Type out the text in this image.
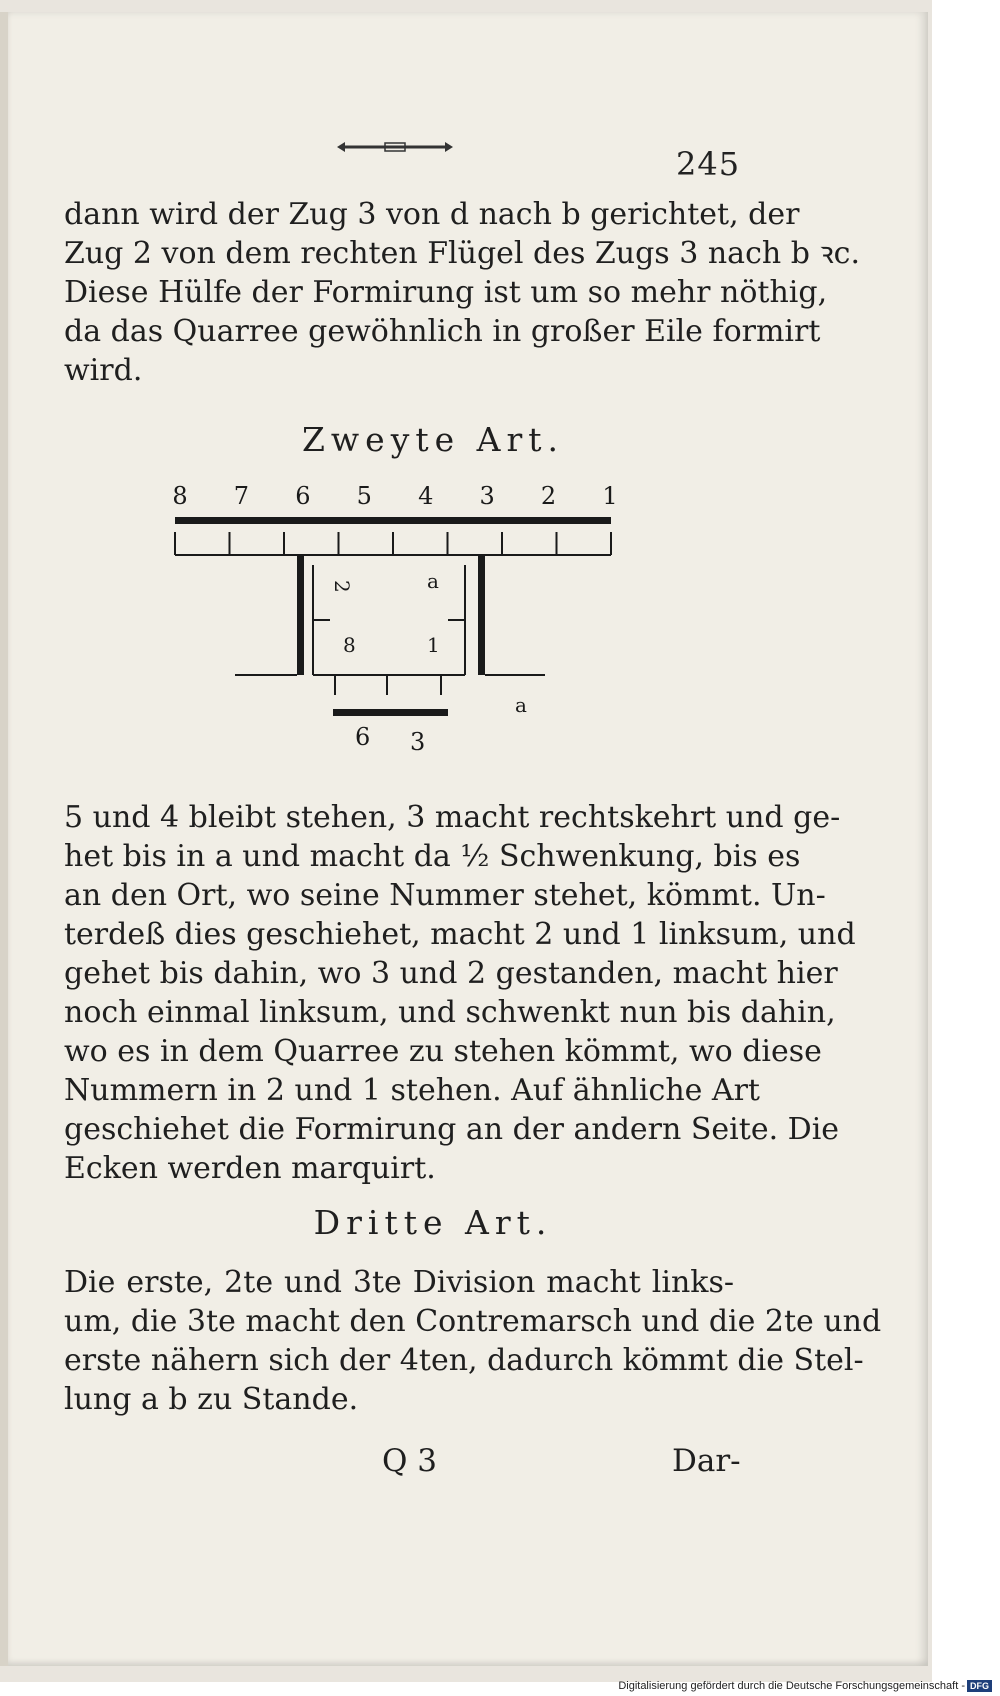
245
dann wird der Zug 3 von d nach b gerichtet, der
Zug 2 von dem rechten Flügel des Zugs 3 nach b ꝛc.
Diese Hülfe der Formirung ist um so mehr nöthig,
da das Quarree gewöhnlich in großer Eile formirt
wird.
Zweyte Art.
8 7 6 5 4 3 2 1
2	a
8	1
a
6 3
5 und 4 bleibt stehen, 3 macht rechtskehrt und ge-
het bis in a und macht da ½ Schwenkung, bis es
an den Ort, wo seine Nummer stehet, kömmt. Un-
terdeß dies geschiehet, macht 2 und 1 linksum, und
gehet bis dahin, wo 3 und 2 gestanden, macht hier
noch einmal linksum, und schwenkt nun bis dahin,
wo es in dem Quarree zu stehen kömmt, wo diese
Nummern in 2 und 1 stehen. Auf ähnliche Art
geschiehet die Formirung an der andern Seite. Die
Ecken werden marquirt.
Dritte Art.
Die erste, 2te und 3te Division macht links-
um, die 3te macht den Contremarsch und die 2te und
erste nähern sich der 4ten, dadurch kömmt die Stel-
lung a b zu Stande.
Q 3	Dar-
Digitalisierung gefördert durch die Deutsche Forschungsgemeinschaft - DFG
